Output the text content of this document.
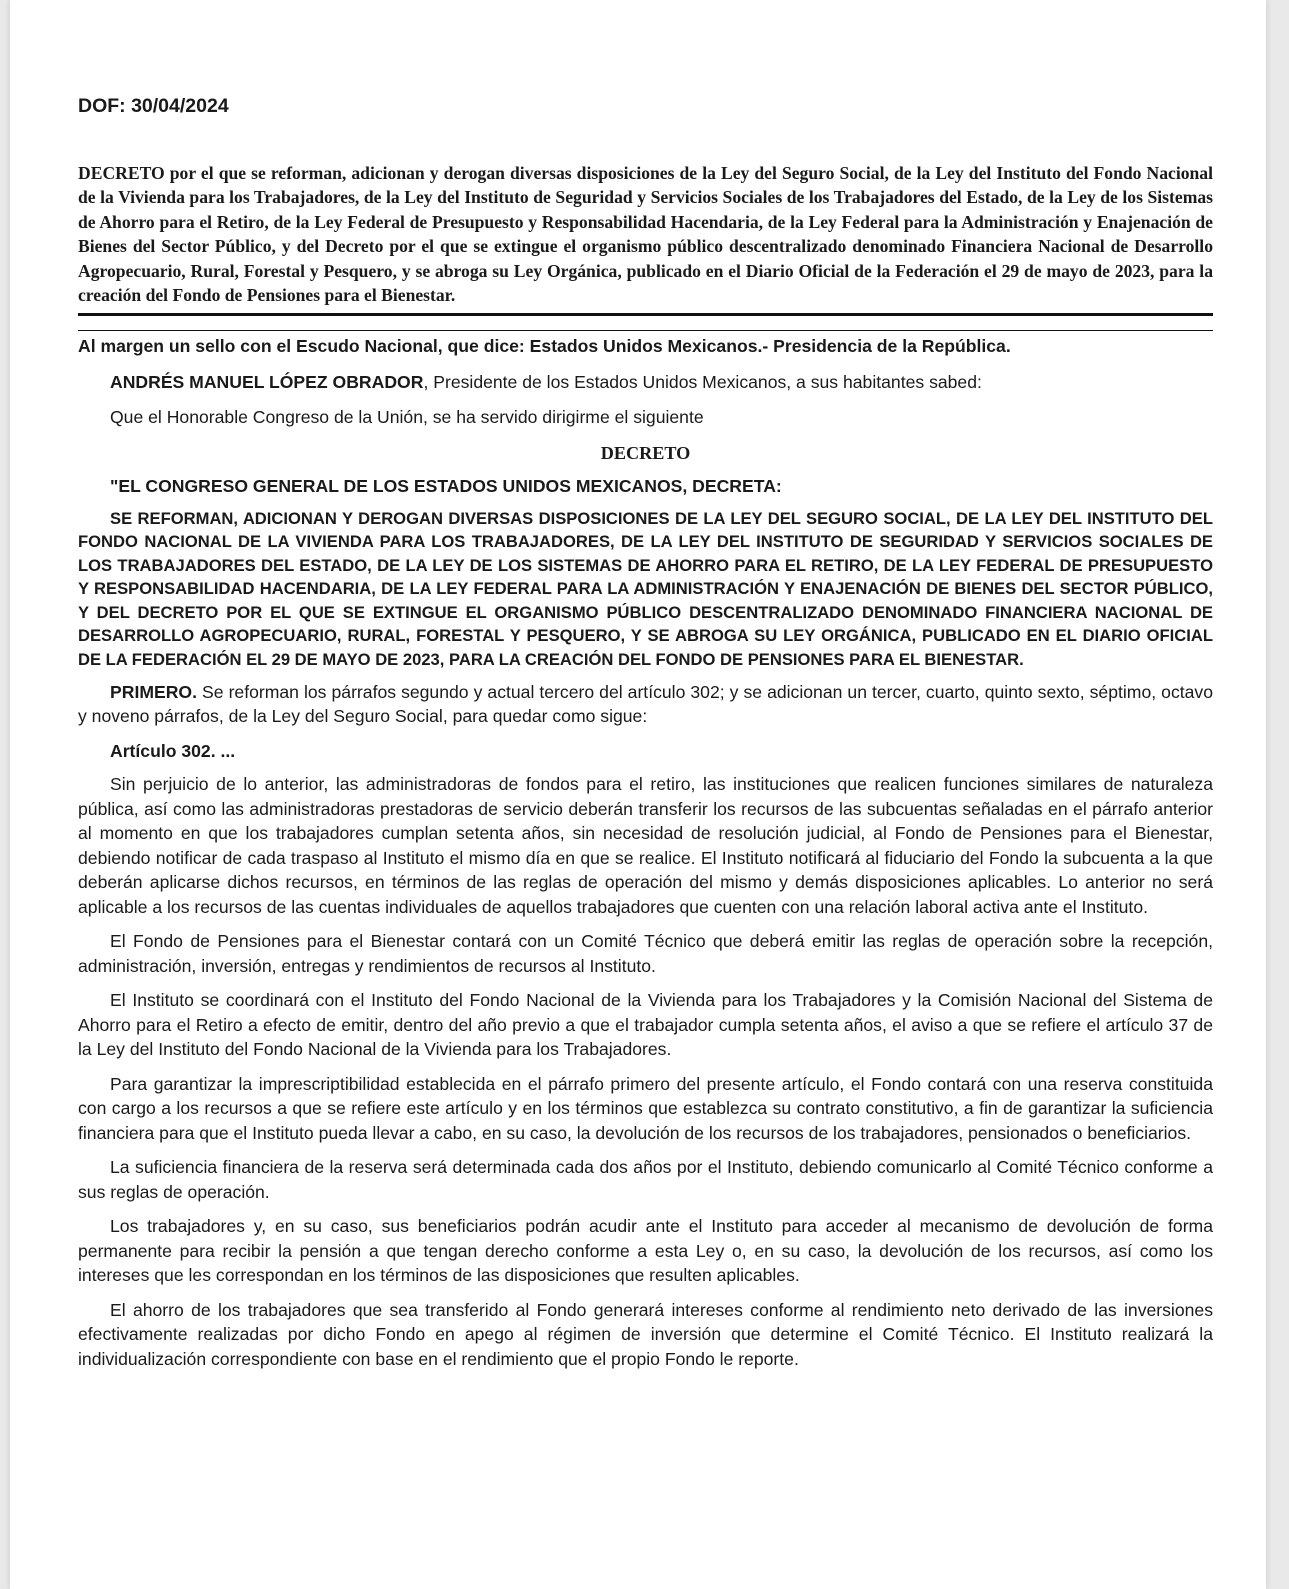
DOF: 30/04/2024

DECRETO por el que se reforman, adicionan y derogan diversas disposiciones de la Ley del Seguro Social, de la Ley del Instituto del Fondo Nacional de la Vivienda para los Trabajadores, de la Ley del Instituto de Seguridad y Servicios Sociales de los Trabajadores del Estado, de la Ley de los Sistemas de Ahorro para el Retiro, de la Ley Federal de Presupuesto y Responsabilidad Hacendaria, de la Ley Federal para la Administración y Enajenación de Bienes del Sector Público, y del Decreto por el que se extingue el organismo público descentralizado denominado Financiera Nacional de Desarrollo Agropecuario, Rural, Forestal y Pesquero, y se abroga su Ley Orgánica, publicado en el Diario Oficial de la Federación el 29 de mayo de 2023, para la creación del Fondo de Pensiones para el Bienestar.

Al margen un sello con el Escudo Nacional, que dice: Estados Unidos Mexicanos.- Presidencia de la República.

ANDRÉS MANUEL LÓPEZ OBRADOR, Presidente de los Estados Unidos Mexicanos, a sus habitantes sabed:

Que el Honorable Congreso de la Unión, se ha servido dirigirme el siguiente

DECRETO

"EL CONGRESO GENERAL DE LOS ESTADOS UNIDOS MEXICANOS, DECRETA:

SE REFORMAN, ADICIONAN Y DEROGAN DIVERSAS DISPOSICIONES DE LA LEY DEL SEGURO SOCIAL, DE LA LEY DEL INSTITUTO DEL FONDO NACIONAL DE LA VIVIENDA PARA LOS TRABAJADORES, DE LA LEY DEL INSTITUTO DE SEGURIDAD Y SERVICIOS SOCIALES DE LOS TRABAJADORES DEL ESTADO, DE LA LEY DE LOS SISTEMAS DE AHORRO PARA EL RETIRO, DE LA LEY FEDERAL DE PRESUPUESTO Y RESPONSABILIDAD HACENDARIA, DE LA LEY FEDERAL PARA LA ADMINISTRACIÓN Y ENAJENACIÓN DE BIENES DEL SECTOR PÚBLICO, Y DEL DECRETO POR EL QUE SE EXTINGUE EL ORGANISMO PÚBLICO DESCENTRALIZADO DENOMINADO FINANCIERA NACIONAL DE DESARROLLO AGROPECUARIO, RURAL, FORESTAL Y PESQUERO, Y SE ABROGA SU LEY ORGÁNICA, PUBLICADO EN EL DIARIO OFICIAL DE LA FEDERACIÓN EL 29 DE MAYO DE 2023, PARA LA CREACIÓN DEL FONDO DE PENSIONES PARA EL BIENESTAR.

PRIMERO. Se reforman los párrafos segundo y actual tercero del artículo 302; y se adicionan un tercer, cuarto, quinto sexto, séptimo, octavo y noveno párrafos, de la Ley del Seguro Social, para quedar como sigue:

Artículo 302. ...

Sin perjuicio de lo anterior, las administradoras de fondos para el retiro, las instituciones que realicen funciones similares de naturaleza pública, así como las administradoras prestadoras de servicio deberán transferir los recursos de las subcuentas señaladas en el párrafo anterior al momento en que los trabajadores cumplan setenta años, sin necesidad de resolución judicial, al Fondo de Pensiones para el Bienestar, debiendo notificar de cada traspaso al Instituto el mismo día en que se realice. El Instituto notificará al fiduciario del Fondo la subcuenta a la que deberán aplicarse dichos recursos, en términos de las reglas de operación del mismo y demás disposiciones aplicables. Lo anterior no será aplicable a los recursos de las cuentas individuales de aquellos trabajadores que cuenten con una relación laboral activa ante el Instituto.

El Fondo de Pensiones para el Bienestar contará con un Comité Técnico que deberá emitir las reglas de operación sobre la recepción, administración, inversión, entregas y rendimientos de recursos al Instituto.

El Instituto se coordinará con el Instituto del Fondo Nacional de la Vivienda para los Trabajadores y la Comisión Nacional del Sistema de Ahorro para el Retiro a efecto de emitir, dentro del año previo a que el trabajador cumpla setenta años, el aviso a que se refiere el artículo 37 de la Ley del Instituto del Fondo Nacional de la Vivienda para los Trabajadores.

Para garantizar la imprescriptibilidad establecida en el párrafo primero del presente artículo, el Fondo contará con una reserva constituida con cargo a los recursos a que se refiere este artículo y en los términos que establezca su contrato constitutivo, a fin de garantizar la suficiencia financiera para que el Instituto pueda llevar a cabo, en su caso, la devolución de los recursos de los trabajadores, pensionados o beneficiarios.

La suficiencia financiera de la reserva será determinada cada dos años por el Instituto, debiendo comunicarlo al Comité Técnico conforme a sus reglas de operación.

Los trabajadores y, en su caso, sus beneficiarios podrán acudir ante el Instituto para acceder al mecanismo de devolución de forma permanente para recibir la pensión a que tengan derecho conforme a esta Ley o, en su caso, la devolución de los recursos, así como los intereses que les correspondan en los términos de las disposiciones que resulten aplicables.

El ahorro de los trabajadores que sea transferido al Fondo generará intereses conforme al rendimiento neto derivado de las inversiones efectivamente realizadas por dicho Fondo en apego al régimen de inversión que determine el Comité Técnico. El Instituto realizará la individualización correspondiente con base en el rendimiento que el propio Fondo le reporte.
